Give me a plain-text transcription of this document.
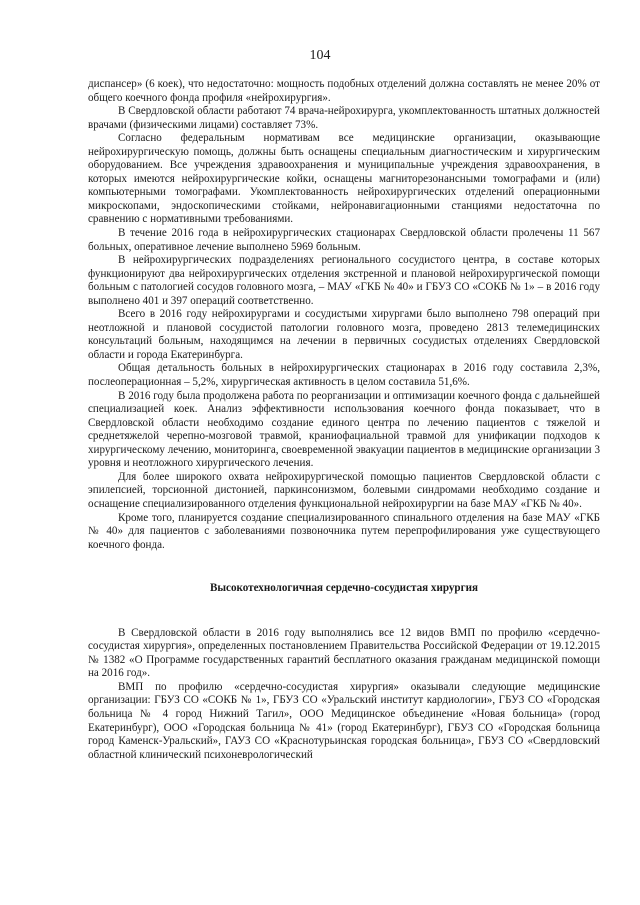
104

диспансер» (6 коек), что недостаточно: мощность подобных отделений должна составлять не менее 20% от общего коечного фонда профиля «нейрохирургия».

В Свердловской области работают 74 врача-нейрохирурга, укомплектованность штатных должностей врачами (физическими лицами) составляет 73%.

Согласно федеральным нормативам все медицинские организации, оказывающие нейрохирургическую помощь, должны быть оснащены специальным диагностическим и хирургическим оборудованием. Все учреждения здравоохранения и муниципальные учреждения здравоохранения, в которых имеются нейрохирургические койки, оснащены магниторезонансными томографами и (или) компьютерными томографами. Укомплектованность нейрохирургических отделений операционными микроскопами, эндоскопическими стойками, нейронавигационными станциями недостаточна по сравнению с нормативными требованиями.

В течение 2016 года в нейрохирургических стационарах Свердловской области пролечены 11 567 больных, оперативное лечение выполнено 5969 больным.

В нейрохирургических подразделениях регионального сосудистого центра, в составе которых функционируют два нейрохирургических отделения экстренной и плановой нейрохирургической помощи больным с патологией сосудов головного мозга, – МАУ «ГКБ № 40» и ГБУЗ СО «СОКБ № 1» – в 2016 году выполнено 401 и 397 операций соответственно.

Всего в 2016 году нейрохирургами и сосудистыми хирургами было выполнено 798 операций при неотложной и плановой сосудистой патологии головного мозга, проведено 2813 телемедицинских консультаций больным, находящимся на лечении в первичных сосудистых отделениях Свердловской области и города Екатеринбурга.

Общая детальность больных в нейрохирургических стационарах в 2016 году составила 2,3%, послеоперационная – 5,2%, хирургическая активность в целом составила 51,6%.

В 2016 году была продолжена работа по реорганизации и оптимизации коечного фонда с дальнейшей специализацией коек. Анализ эффективности использования коечного фонда показывает, что в Свердловской области необходимо создание единого центра по лечению пациентов с тяжелой и среднетяжелой черепно-мозговой травмой, краниофациальной травмой для унификации подходов к хирургическому лечению, мониторинга, своевременной эвакуации пациентов в медицинские организации 3 уровня и неотложного хирургического лечения.

Для более широкого охвата нейрохирургической помощью пациентов Свердловской области с эпилепсией, торсионной дистонией, паркинсонизмом, болевыми синдромами необходимо создание и оснащение специализированного отделения функциональной нейрохирургии на базе МАУ «ГКБ № 40».

Кроме того, планируется создание специализированного спинального отделения на базе МАУ «ГКБ № 40» для пациентов с заболеваниями позвоночника путем перепрофилирования уже существующего коечного фонда.

Высокотехнологичная сердечно-сосудистая хирургия

В Свердловской области в 2016 году выполнялись все 12 видов ВМП по профилю «сердечно-сосудистая хирургия», определенных постановлением Правительства Российской Федерации от 19.12.2015 № 1382 «О Программе государственных гарантий бесплатного оказания гражданам медицинской помощи на 2016 год».

ВМП по профилю «сердечно-сосудистая хирургия» оказывали следующие медицинские организации: ГБУЗ СО «СОКБ № 1», ГБУЗ СО «Уральский институт кардиологии», ГБУЗ СО «Городская больница № 4 город Нижний Тагил», ООО Медицинское объединение «Новая больница» (город Екатеринбург), ООО «Городская больница № 41» (город Екатеринбург), ГБУЗ СО «Городская больница город Каменск-Уральский», ГАУЗ СО «Краснотурьинская городская больница», ГБУЗ СО «Свердловский областной клинический психоневрологический
